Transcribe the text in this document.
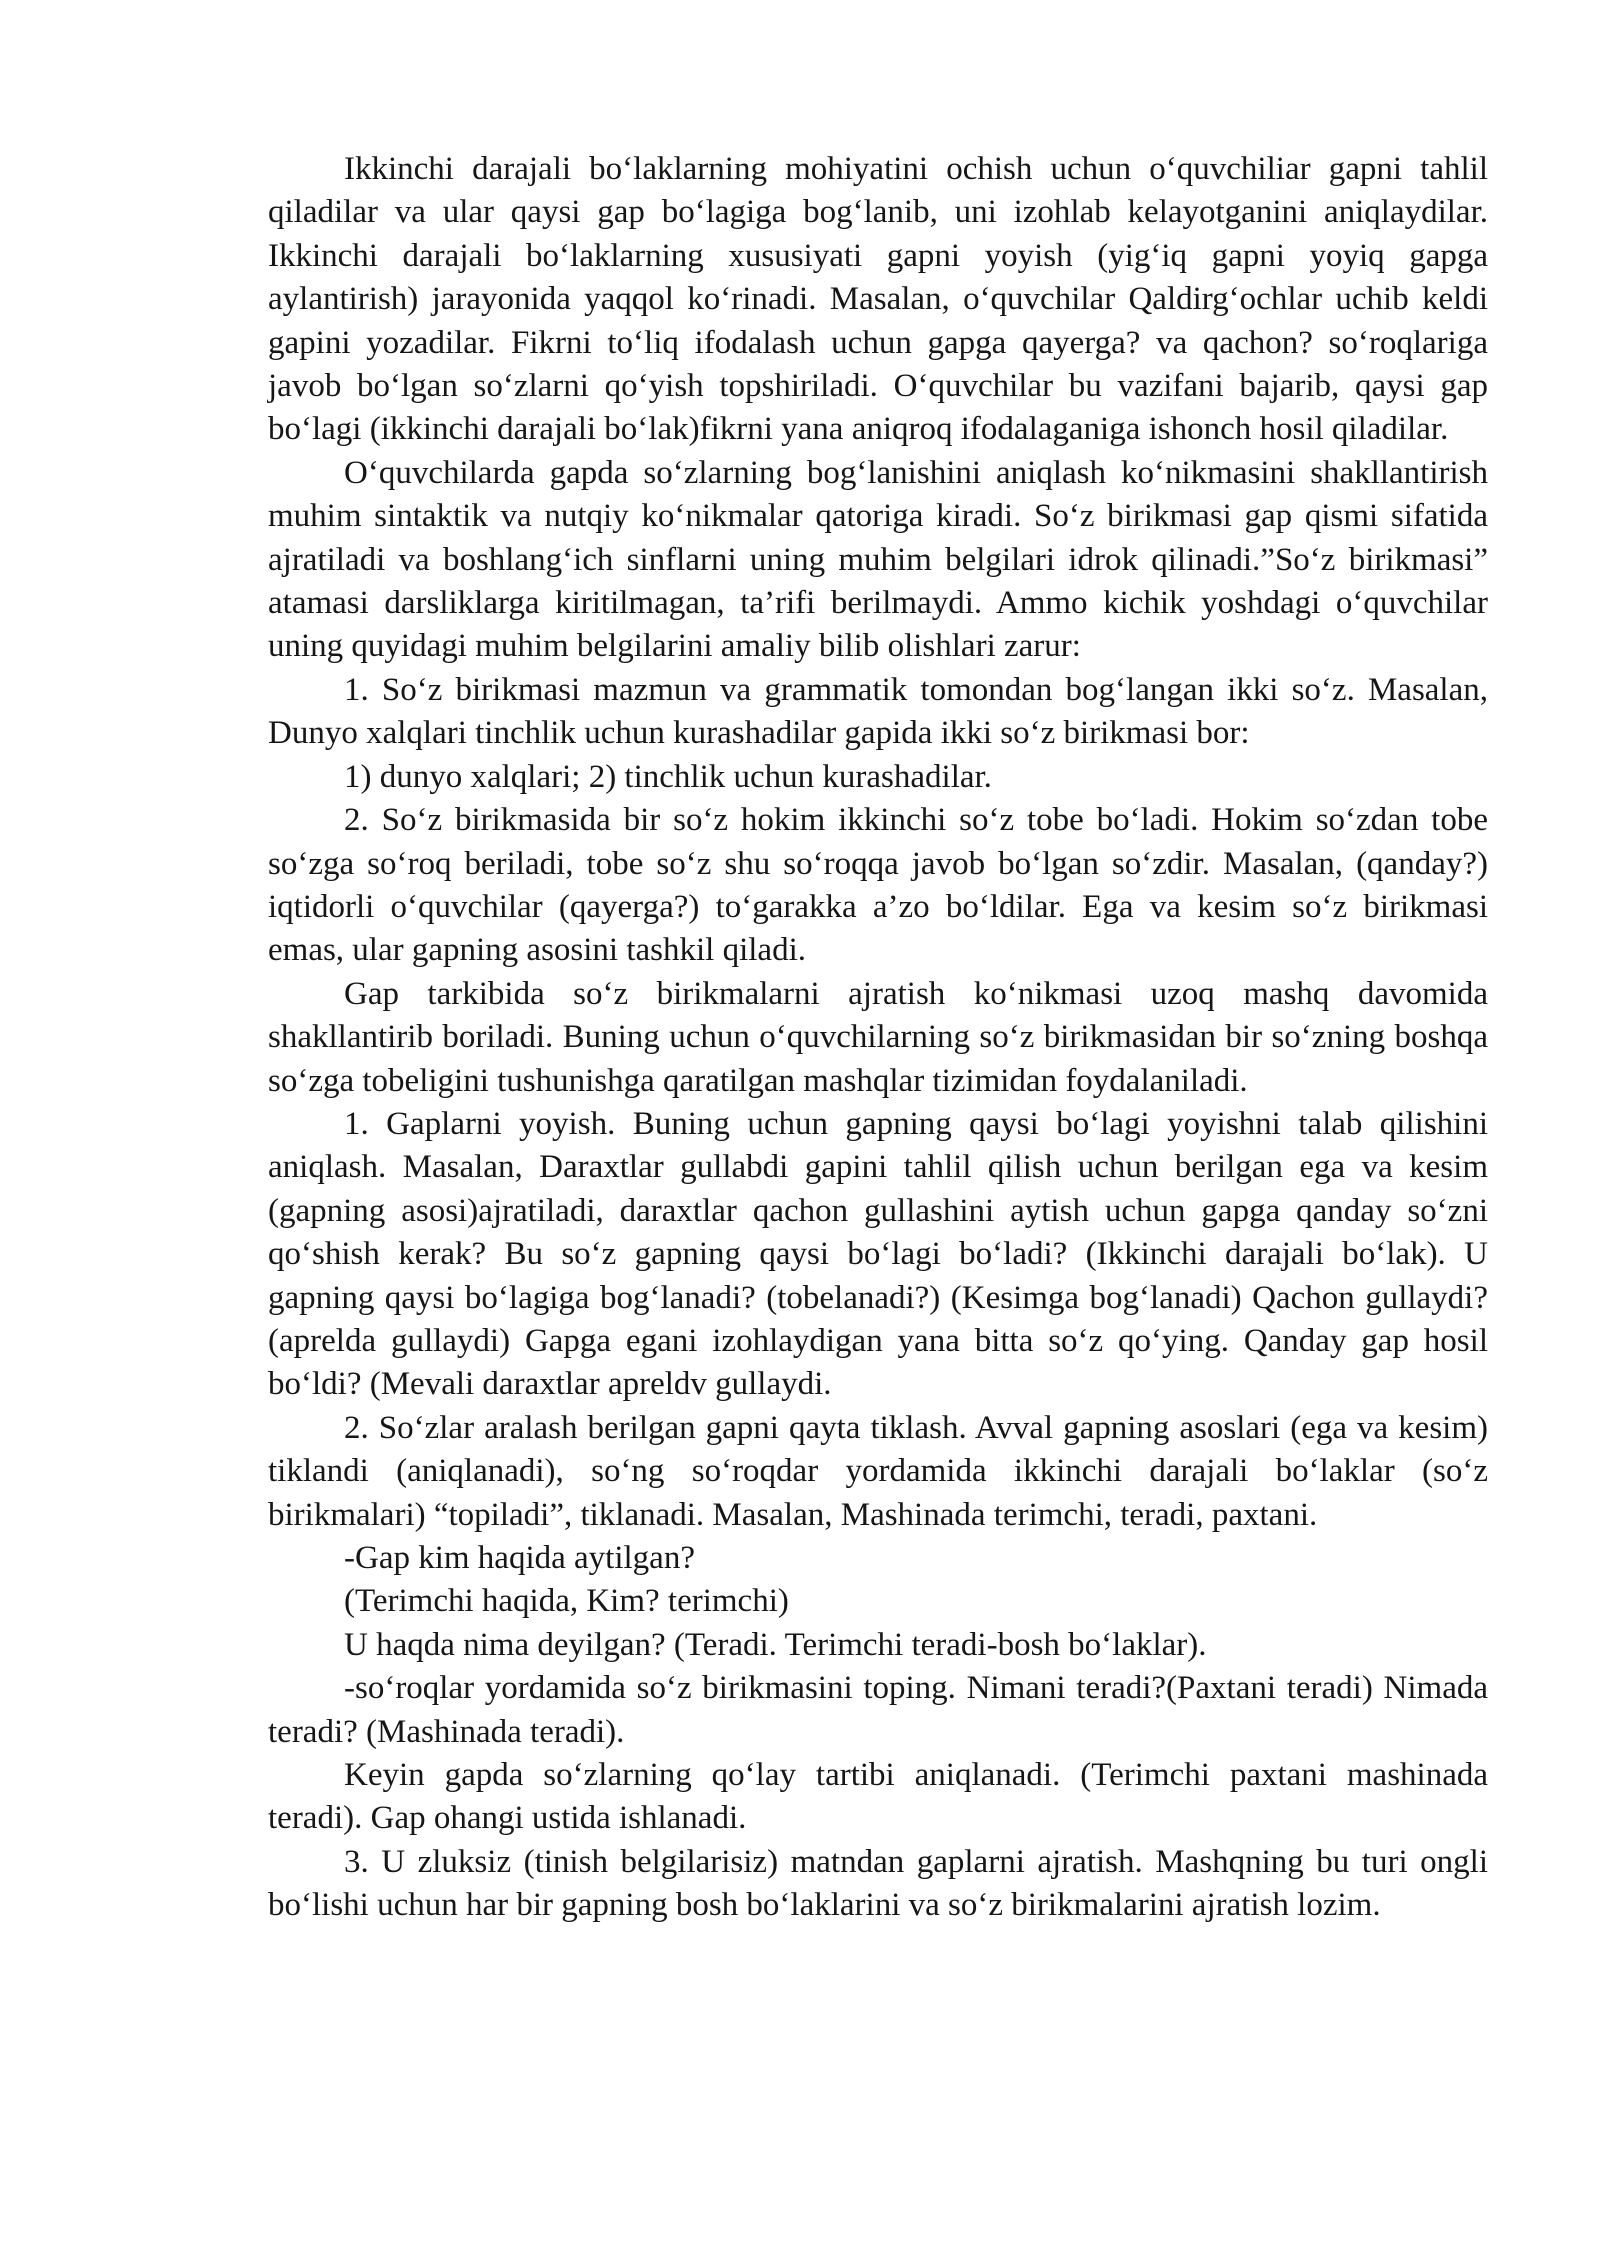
Ikkinchi darajali bo‘laklarning mohiyatini ochish uchun o‘quvchiliar gapni tahlil qiladilar va ular qaysi gap bo‘lagiga bog‘lanib, uni izohlab kelayotganini aniqlaydilar. Ikkinchi darajali bo‘laklarning xususiyati gapni yoyish (yig‘iq gapni yoyiq gapga aylantirish) jarayonida yaqqol ko‘rinadi. Masalan, o‘quvchilar Qaldirg‘ochlar uchib keldi gapini yozadilar. Fikrni to‘liq ifodalash uchun gapga qayerga? va qachon? so‘roqlariga javob bo‘lgan so‘zlarni qo‘yish topshiriladi. O‘quvchilar bu vazifani bajarib, qaysi gap bo‘lagi (ikkinchi darajali bo‘lak)fikrni yana aniqroq ifodalaganiga ishonch hosil qiladilar.

O‘quvchilarda gapda so‘zlarning bog‘lanishini aniqlash ko‘nikmasini shakllantirish muhim sintaktik va nutqiy ko‘nikmalar qatoriga kiradi. So‘z birikmasi gap qismi sifatida ajratiladi va boshlang‘ich sinflarni uning muhim belgilari idrok qilinadi.”So‘z birikmasi” atamasi darsliklarga kiritilmagan, ta’rifi berilmaydi. Ammo kichik yoshdagi o‘quvchilar uning quyidagi muhim belgilarini amaliy bilib olishlari zarur:

1. So‘z birikmasi mazmun va grammatik tomondan bog‘langan ikki so‘z. Masalan, Dunyo xalqlari tinchlik uchun kurashadilar gapida ikki so‘z birikmasi bor:

1) dunyo xalqlari; 2) tinchlik uchun kurashadilar.

2. So‘z birikmasida bir so‘z hokim ikkinchi so‘z tobe bo‘ladi. Hokim so‘zdan tobe so‘zga so‘roq beriladi, tobe so‘z shu so‘roqqa javob bo‘lgan so‘zdir. Masalan, (qanday?) iqtidorli o‘quvchilar (qayerga?) to‘garakka a’zo bo‘ldilar. Ega va kesim so‘z birikmasi emas, ular gapning asosini tashkil qiladi.

Gap tarkibida so‘z birikmalarni ajratish ko‘nikmasi uzoq mashq davomida shakllantirib boriladi. Buning uchun o‘quvchilarning so‘z birikmasidan bir so‘zning boshqa so‘zga tobeligini tushunishga qaratilgan mashqlar tizimidan foydalaniladi.

1. Gaplarni yoyish. Buning uchun gapning qaysi bo‘lagi yoyishni talab qilishini aniqlash. Masalan, Daraxtlar gullabdi gapini tahlil qilish uchun berilgan ega va kesim (gapning asosi)ajratiladi, daraxtlar qachon gullashini aytish uchun gapga qanday so‘zni qo‘shish kerak? Bu so‘z gapning qaysi bo‘lagi bo‘ladi? (Ikkinchi darajali bo‘lak). U gapning qaysi bo‘lagiga bog‘lanadi? (tobelanadi?) (Kesimga bog‘lanadi) Qachon gullaydi? (aprelda gullaydi) Gapga egani izohlaydigan yana bitta so‘z qo‘ying. Qanday gap hosil bo‘ldi? (Mevali daraxtlar apreldv gullaydi.

2. So‘zlar aralash berilgan gapni qayta tiklash. Avval gapning asoslari (ega va kesim) tiklandi (aniqlanadi), so‘ng so‘roqdar yordamida ikkinchi darajali bo‘laklar (so‘z birikmalari) “topiladi”, tiklanadi. Masalan, Mashinada terimchi, teradi, paxtani.

-Gap kim haqida aytilgan?

(Terimchi haqida, Kim? terimchi)

U haqda nima deyilgan? (Teradi. Terimchi teradi-bosh bo‘laklar).

-so‘roqlar yordamida so‘z birikmasini toping. Nimani teradi?(Paxtani teradi) Nimada teradi? (Mashinada teradi).

Keyin gapda so‘zlarning qo‘lay tartibi aniqlanadi. (Terimchi paxtani mashinada teradi). Gap ohangi ustida ishlanadi.

3. U zluksiz (tinish belgilarisiz) matndan gaplarni ajratish. Mashqning bu turi ongli bo‘lishi uchun har bir gapning bosh bo‘laklarini va so‘z birikmalarini ajratish lozim.
